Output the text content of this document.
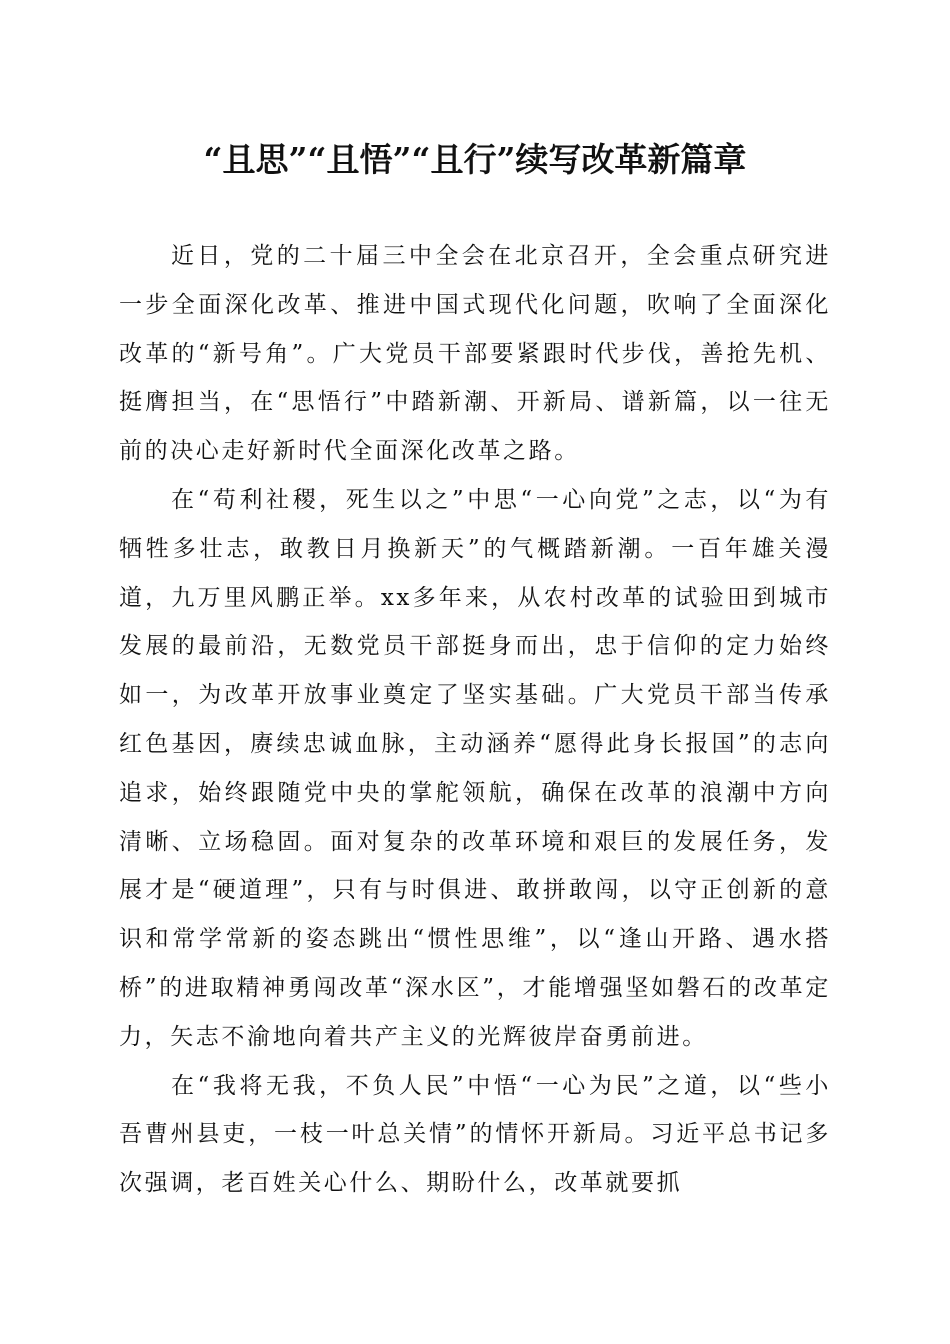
“且思”“且悟”“且行”续写改革新篇章

近日，党的二十届三中全会在北京召开，全会重点研究进一步全面深化改革、推进中国式现代化问题，吹响了全面深化改革的“新号角”。广大党员干部要紧跟时代步伐，善抢先机、挺膺担当，在“思悟行”中踏新潮、开新局、谱新篇，以一往无前的决心走好新时代全面深化改革之路。

在“苟利社稷，死生以之”中思“一心向党”之志，以“为有牺牲多壮志，敢教日月换新天”的气概踏新潮。一百年雄关漫道，九万里风鹏正举。xx多年来，从农村改革的试验田到城市发展的最前沿，无数党员干部挺身而出，忠于信仰的定力始终如一，为改革开放事业奠定了坚实基础。广大党员干部当传承红色基因，赓续忠诚血脉，主动涵养“愿得此身长报国”的志向追求，始终跟随党中央的掌舵领航，确保在改革的浪潮中方向清晰、立场稳固。面对复杂的改革环境和艰巨的发展任务，发展才是“硬道理”，只有与时俱进、敢拼敢闯，以守正创新的意识和常学常新的姿态跳出“惯性思维”，以“逢山开路、遇水搭桥”的进取精神勇闯改革“深水区”，才能增强坚如磐石的改革定力，矢志不渝地向着共产主义的光辉彼岸奋勇前进。

在“我将无我，不负人民”中悟“一心为民”之道，以“些小吾曹州县吏，一枝一叶总关情”的情怀开新局。习近平总书记多次强调，老百姓关心什么、期盼什么，改革就要抓
